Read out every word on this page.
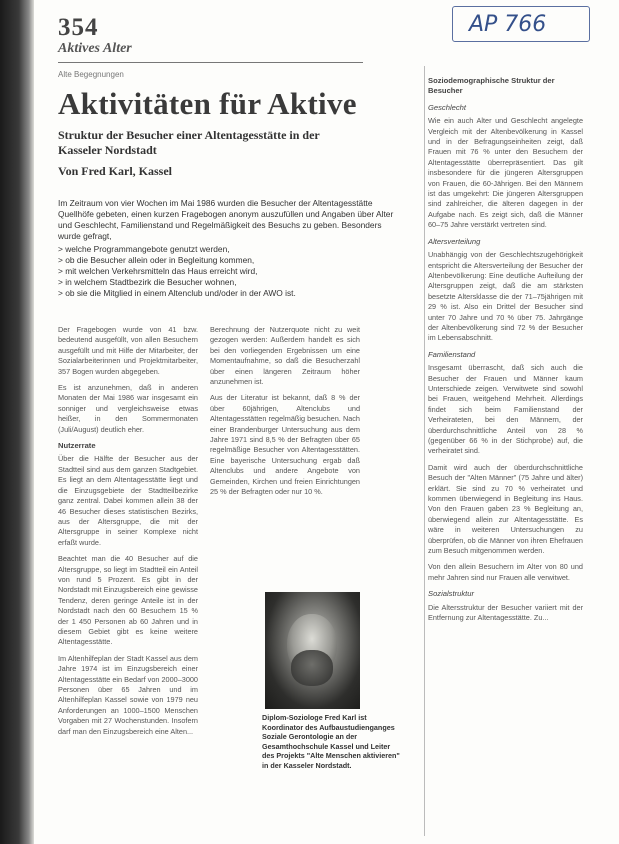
354
Aktives Alter
AP 766
Alte Begegnungen
Aktivitäten für Aktive
Struktur der Besucher einer Altentagesstätte in der Kasseler Nordstadt
Von Fred Karl, Kassel

Im Zeitraum von vier Wochen im Mai 1986 wurden die Besucher der Altentagesstätte Quellhöfe gebeten, einen kurzen Fragebogen anonym auszufüllen und Angaben über Alter und Geschlecht, Familienstand und Regelmäßigkeit des Besuchs zu geben. Besonders wurde gefragt,

> welche Programmangebote genutzt werden,
> ob die Besucher allein oder in Begleitung kommen,
> mit welchen Verkehrsmitteln das Haus erreicht wird,
> in welchem Stadtbezirk die Besucher wohnen,
> ob sie die Mitglied in einem Altenclub und/oder in der AWO ist.

Der Fragebogen wurde von 41 bzw. bedeutend ausgefüllt, von allen Besuchern ausgefüllt und mit Hilfe der Mitarbeiter, der Sozialarbeiterinnen und Projektmitarbeiter, 357 Bogen wurden abgegeben.

Es ist anzunehmen, daß in anderen Monaten der Mai 1986 war insgesamt ein sonniger und vergleichsweise etwas heißer, in den Sommermonaten (Juli/August) deutlich eher.

Nutzerrate

Über die Hälfte der Besucher aus der Stadtteil sind aus dem ganzen Stadtgebiet. Es liegt an dem Altentagesstätte liegt und die Einzugsgebiete der Stadtteilbezirke ganz zentral. Dabei kommen allein 38 der 46 Besucher dieses statistischen Bezirks, aus der Altersgruppe, die mit der Altersgruppe in seiner Komplexe nicht erfaßt wurde.

Beachtet man die 40 Besucher auf die Altersgruppe, so liegt im Stadtteil ein Anteil von rund 5 Prozent. Es gibt in der Nordstadt mit Einzugsbereich eine gewisse Tendenz, deren geringe Anteile ist in der Nordstadt nach den 60 Besuchern 15 % der 1 450 Personen ab 60 Jahren und in diesem Gebiet gibt es keine weitere Altentagesstätte.

Im Altenhilfeplan der Stadt Kassel aus dem Jahre 1974 ist im Einzugsbereich einer Altentagesstätte ein Bedarf von 2000–3000 Personen über 65 Jahren und im Altenhilfeplan Kassel sowie von 1979 neu Anforderungen an 1000–1500 Menschen Vorgaben mit 27 Wochenstunden. Insofern darf man den Einzugsbereich eine Alten...

Berechnung der Nutzerquote nicht zu weit gezogen werden: Außerdem handelt es sich bei den vorliegenden Ergebnissen um eine Momentaufnahme, so daß die Besucherzahl über einen längeren Zeitraum höher anzunehmen ist.

Aus der Literatur ist bekannt, daß 8 % der über 60jährigen, Altenclubs und Altentagesstätten regelmäßig besuchen. Nach einer Brandenburger Untersuchung aus dem Jahre 1971 sind 8,5 % der Befragten über 65 regelmäßige Besucher von Altentagesstätten. Eine bayerische Untersuchung ergab daß Altenclubs und andere Angebote von Gemeinden, Kirchen und freien Einrichtungen 25 % der Befragten oder nur 10 %.

Diplom-Soziologe Fred Karl ist Koordinator des Aufbaustudienganges Soziale Gerontologie an der Gesamthochschule Kassel und Leiter des Projekts "Alte Menschen aktivieren" in der Kasseler Nordstadt.
Soziodemographische Struktur der Besucher
Geschlecht

Wie ein auch Alter und Geschlecht angelegte Vergleich mit der Altenbevölkerung in Kassel und in der Befragungseinheiten zeigt, daß Frauen mit 76 % unter den Besuchern der Altentagesstätte überrepräsentiert. Das gilt insbesondere für die jüngeren Altersgruppen von Frauen, die 60-Jährigen. Bei den Männern ist das umgekehrt: Die jüngeren Altersgruppen sind zahlreicher, die älteren dagegen in der Aufgabe nach. Es zeigt sich, daß die Männer 60–75 Jahre verstärkt vertreten sind.

Altersverteilung

Unabhängig von der Geschlechtszugehörigkeit entspricht die Altersverteilung der Besucher der Altenbevölkerung: Eine deutliche Aufteilung der Altersgruppen zeigt, daß die am stärksten besetzte Altersklasse die der 71–75jährigen mit 29 % ist. Also ein Drittel der Besucher sind unter 70 Jahre und 70 % über 75. Jahrgänge der Altenbevölkerung sind 72 % der Besucher im Lebensabschnitt.

Familienstand

Insgesamt überrascht, daß sich auch die Besucher der Frauen und Männer kaum Unterschiede zeigen. Verwitwete sind sowohl bei Frauen, weitgehend Mehrheit. Allerdings findet sich beim Familienstand der Verheirateten, bei den Männern, der überdurchschnittliche Anteil von 28 % (gegenüber 66 % in der Stichprobe) auf, die verheiratet sind.

Damit wird auch der überdurchschnittliche Besuch der "Alten Männer" (75 Jahre und älter) erklärt. Sie sind zu 70 % verheiratet und kommen überwiegend in Begleitung ins Haus. Von den Frauen gaben 23 % Begleitung an, überwiegend allein zur Altentagesstätte. Es wäre in weiteren Untersuchungen zu überprüfen, ob die Männer von ihren Ehefrauen zum Besuch mitgenommen werden.

Von den allein Besuchern im Alter von 80 und mehr Jahren sind nur Frauen alle verwitwet.

Sozialstruktur

Die Altersstruktur der Besucher variiert mit der Entfernung zur Altentagesstätte. Zu...
